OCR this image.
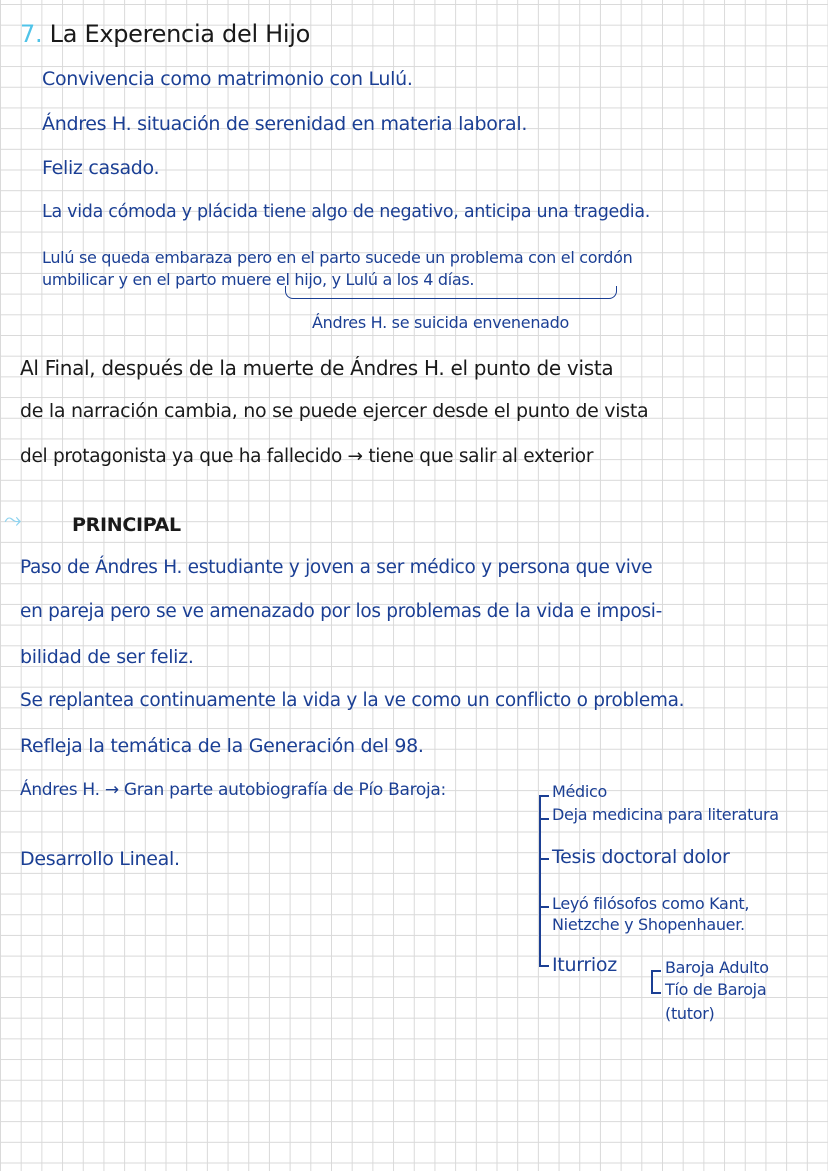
7. La Experencia del Hijo
Convivencia como matrimonio con Lulú.
Ándres H. situación de serenidad en materia laboral.
Feliz casado.
La vida cómoda y plácida tiene algo de negativo, anticipa una tragedia.
Lulú se queda embaraza pero en el parto sucede un problema con el cordón
umbilicar y en el parto muere el hijo, y Lulú a los 4 días.
Ándres H. se suicida envenenado
Al Final, después de la muerte de Ándres H. el punto de vista
de la narración cambia, no se puede ejercer desde el punto de vista
del protagonista ya que ha fallecido → tiene que salir al exterior
⤳	PRINCIPAL
Paso de Ándres H. estudiante y joven a ser médico y persona que vive
en pareja pero se ve amenazado por los problemas de la vida e imposi-
bilidad de ser feliz.
Se replantea continuamente la vida y la ve como un conflicto o problema.
Refleja la temática de la Generación del 98.
Ándres H. → Gran parte autobiografía de Pío Baroja:
Desarrollo Lineal.
Médico
Deja medicina para literatura
Tesis doctoral dolor
Leyó filósofos como Kant,
Nietzche y Shopenhauer.
Iturrioz	Baroja Adulto
Tío de Baroja
(tutor)
